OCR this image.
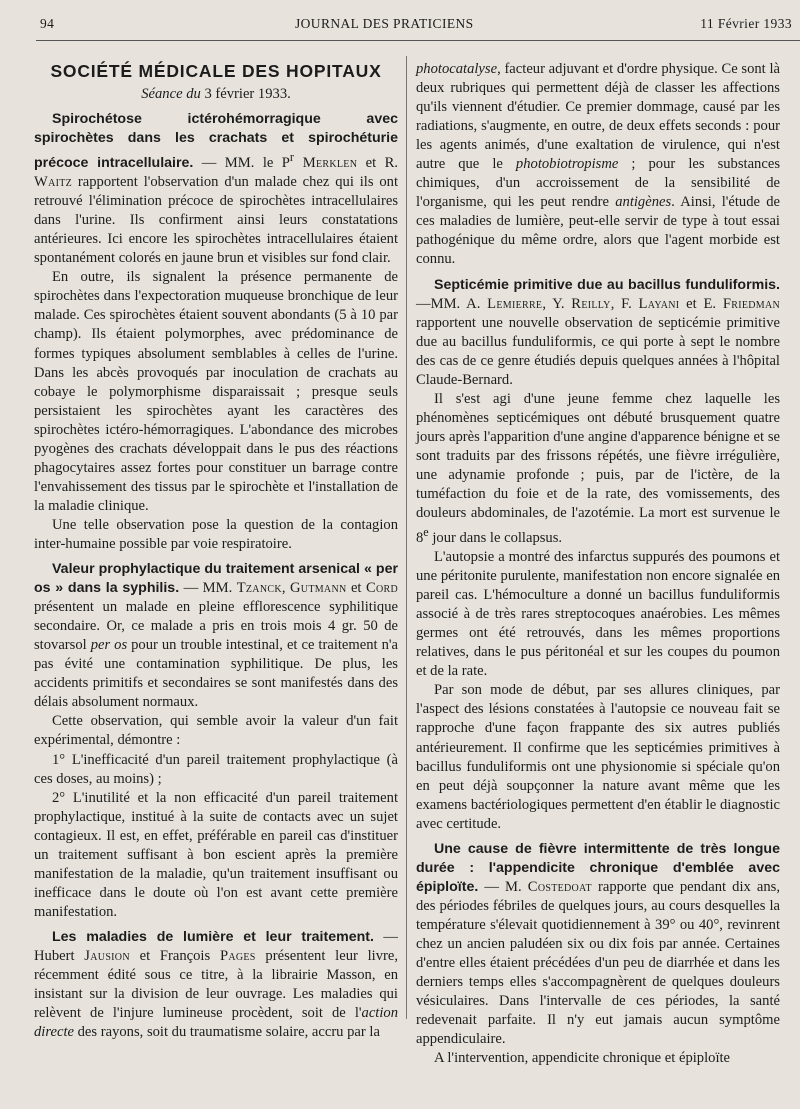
94	JOURNAL DES PRATICIENS	11 Février 1933
SOCIÉTÉ MÉDICALE DES HOPITAUX
Séance du 3 février 1933.

Spirochétose ictérohémorragique avec spirochètes dans les crachats et spirochéturie précoce intracellulaire. — MM. le $P^r$ Merklen et R. Waitz rapportent l'observation d'un malade chez qui ils ont retrouvé l'élimination précoce de spirochètes intracellulaires dans l'urine. Ils confirment ainsi leurs constatations antérieures. Ici encore les spirochètes intracellulaires étaient spontanément colorés en jaune brun et visibles sur fond clair.

En outre, ils signalent la présence permanente de spirochètes dans l'expectoration muqueuse bronchique de leur malade. Ces spirochètes étaient souvent abondants (5 à 10 par champ). Ils étaient polymorphes, avec prédominance de formes typiques absolument semblables à celles de l'urine. Dans les abcès provoqués par inoculation de crachats au cobaye le polymorphisme disparaissait ; presque seuls persistaient les spirochètes ayant les caractères des spirochètes ictéro-hémorragiques. L'abondance des microbes pyogènes des crachats développait dans le pus des réactions phagocytaires assez fortes pour constituer un barrage contre l'envahissement des tissus par le spirochète et l'installation de la maladie clinique.

Une telle observation pose la question de la contagion inter-humaine possible par voie respiratoire.

Valeur prophylactique du traitement arsenical « per os » dans la syphilis. — MM. Tzanck, Gutmann et Cord présentent un malade en pleine efflorescence syphilitique secondaire. Or, ce malade a pris en trois mois 4 gr. 50 de stovarsol per os pour un trouble intestinal, et ce traitement n'a pas évité une contamination syphilitique. De plus, les accidents primitifs et secondaires se sont manifestés dans des délais absolument normaux.

Cette observation, qui semble avoir la valeur d'un fait expérimental, démontre :

1° L'inefficacité d'un pareil traitement prophylactique (à ces doses, au moins) ;

2° L'inutilité et la non efficacité d'un pareil traitement prophylactique, institué à la suite de contacts avec un sujet contagieux. Il est, en effet, préférable en pareil cas d'instituer un traitement suffisant à bon escient après la première manifestation de la maladie, qu'un traitement insuffisant ou inefficace dans le doute où l'on est avant cette première manifestation.

Les maladies de lumière et leur traitement. — Hubert Jausion et François Pages présentent leur livre, récemment édité sous ce titre, à la librairie Masson, en insistant sur la division de leur ouvrage. Les maladies qui relèvent de l'injure lumineuse procèdent, soit de l'action directe des rayons, soit du traumatisme solaire, accru par la

photocatalyse, facteur adjuvant et d'ordre physique. Ce sont là deux rubriques qui permettent déjà de classer les affections qu'ils viennent d'étudier. Ce premier dommage, causé par les radiations, s'augmente, en outre, de deux effets seconds : pour les agents animés, d'une exaltation de virulence, qui n'est autre que le photobiotropisme ; pour les substances chimiques, d'un accroissement de la sensibilité de l'organisme, qui les peut rendre antigènes. Ainsi, l'étude de ces maladies de lumière, peut-elle servir de type à tout essai pathogénique du même ordre, alors que l'agent morbide est connu.

Septicémie primitive due au bacillus funduliformis.—MM. A. Lemierre, Y. Reilly, F. Layani et E. Friedman rapportent une nouvelle observation de septicémie primitive due au bacillus funduliformis, ce qui porte à sept le nombre des cas de ce genre étudiés depuis quelques années à l'hôpital Claude-Bernard.

Il s'est agi d'une jeune femme chez laquelle les phénomènes septicémiques ont débuté brusquement quatre jours après l'apparition d'une angine d'apparence bénigne et se sont traduits par des frissons répétés, une fièvre irrégulière, une adynamie profonde ; puis, par de l'ictère, de la tuméfaction du foie et de la rate, des vomissements, des douleurs abdominales, de l'azotémie. La mort est survenue le 8e jour dans le collapsus.

L'autopsie a montré des infarctus suppurés des poumons et une péritonite purulente, manifestation non encore signalée en pareil cas. L'hémoculture a donné un bacillus funduliformis associé à de très rares streptocoques anaérobies. Les mêmes germes ont été retrouvés, dans les mêmes proportions relatives, dans le pus péritonéal et sur les coupes du poumon et de la rate.

Par son mode de début, par ses allures cliniques, par l'aspect des lésions constatées à l'autopsie ce nouveau fait se rapproche d'une façon frappante des six autres publiés antérieurement. Il confirme que les septicémies primitives à bacillus funduliformis ont une physionomie si spéciale qu'on en peut déjà soupçonner la nature avant même que les examens bactériologiques permettent d'en établir le diagnostic avec certitude.

Une cause de fièvre intermittente de très longue durée : l'appendicite chronique d'emblée avec épiploïte. — M. Costedoat rapporte que pendant dix ans, des périodes fébriles de quelques jours, au cours desquelles la température s'élevait quotidiennement à 39° ou 40°, revinrent chez un ancien paludéen six ou dix fois par année. Certaines d'entre elles étaient précédées d'un peu de diarrhée et dans les derniers temps elles s'accompagnèrent de quelques douleurs vésiculaires. Dans l'intervalle de ces périodes, la santé redevenait parfaite. Il n'y eut jamais aucun symptôme appendiculaire.

A l'intervention, appendicite chronique et épiploïte
